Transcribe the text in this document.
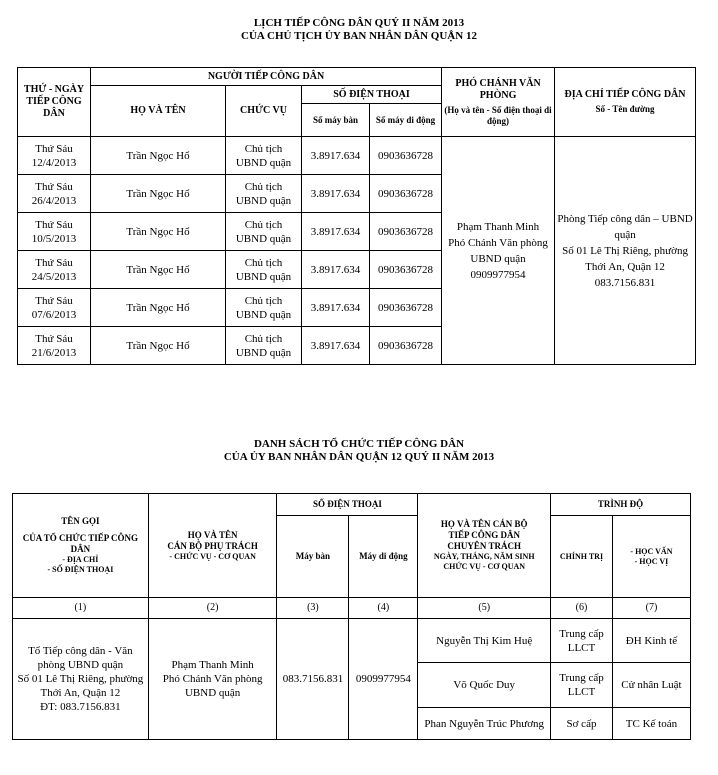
LỊCH TIẾP CÔNG DÂN QUÝ II NĂM 2013
CỦA CHỦ TỊCH ỦY BAN NHÂN DÂN QUẬN 12
THỨ - NGÀY TIẾP CÔNG DÂN	NGƯỜI TIẾP CÔNG DÂN				PHÓ CHÁNH VĂN PHÒNG
(Họ và tên - Số điện thoại di động)	ĐỊA CHỈ TIẾP CÔNG DÂN
Số - Tên đường

	HỌ VÀ TÊN	CHỨC VỤ	SỐ ĐIỆN THOẠI			
			Số máy bàn	Số máy di động		

Thứ Sáu
12/4/2013	Trần Ngọc Hổ	Chủ tịch UBND quận	3.8917.634	0903636728	Phạm Thanh Minh
Phó Chánh Văn phòng UBND quận
0909977954	Phòng Tiếp công dân – UBND quận
Số 01 Lê Thị Riêng, phường Thới An, Quận 12
083.7156.831

Thứ Sáu
26/4/2013	Trần Ngọc Hổ	Chủ tịch UBND quận	3.8917.634	0903636728		

Thứ Sáu
10/5/2013	Trần Ngọc Hổ	Chủ tịch UBND quận	3.8917.634	0903636728		

Thứ Sáu
24/5/2013	Trần Ngọc Hổ	Chủ tịch UBND quận	3.8917.634	0903636728		

Thứ Sáu
07/6/2013	Trần Ngọc Hổ	Chủ tịch UBND quận	3.8917.634	0903636728		

Thứ Sáu
21/6/2013	Trần Ngọc Hổ	Chủ tịch UBND quận	3.8917.634	0903636728		
DANH SÁCH TỔ CHỨC TIẾP CÔNG DÂN
CỦA ỦY BAN NHÂN DÂN QUẬN 12 QUÝ II NĂM 2013
TÊN GỌI
CỦA TỔ CHỨC TIẾP CÔNG DÂN
- ĐỊA CHỈ
- SỐ ĐIỆN THOẠI	HỌ VÀ TÊN
CÁN BỘ PHỤ TRÁCH
- CHỨC VỤ - CƠ QUAN	SỐ ĐIỆN THOẠI		HỌ VÀ TÊN CÁN BỘ
TIẾP CÔNG DÂN
CHUYÊN TRÁCH
NGÀY, THÁNG, NĂM SINH
CHỨC VỤ - CƠ QUAN	TRÌNH ĐỘ	
		Máy bàn	Máy di động		CHÍNH TRỊ	- HỌC VẤN
- HỌC VỊ

(1)	(2)	(3)	(4)	(5)	(6)	(7)

Tổ Tiếp công dân - Văn phòng UBND quận
Số 01 Lê Thị Riêng, phường Thới An, Quận 12
ĐT: 083.7156.831	Phạm Thanh Minh
Phó Chánh Văn phòng UBND quận	083.7156.831	0909977954	Nguyễn Thị Kim Huệ	Trung cấp LLCT	ĐH Kinh tế
				Võ Quốc Duy	Trung cấp LLCT	Cử nhân Luật
				Phan Nguyễn Trúc Phương	Sơ cấp	TC Kế toán
